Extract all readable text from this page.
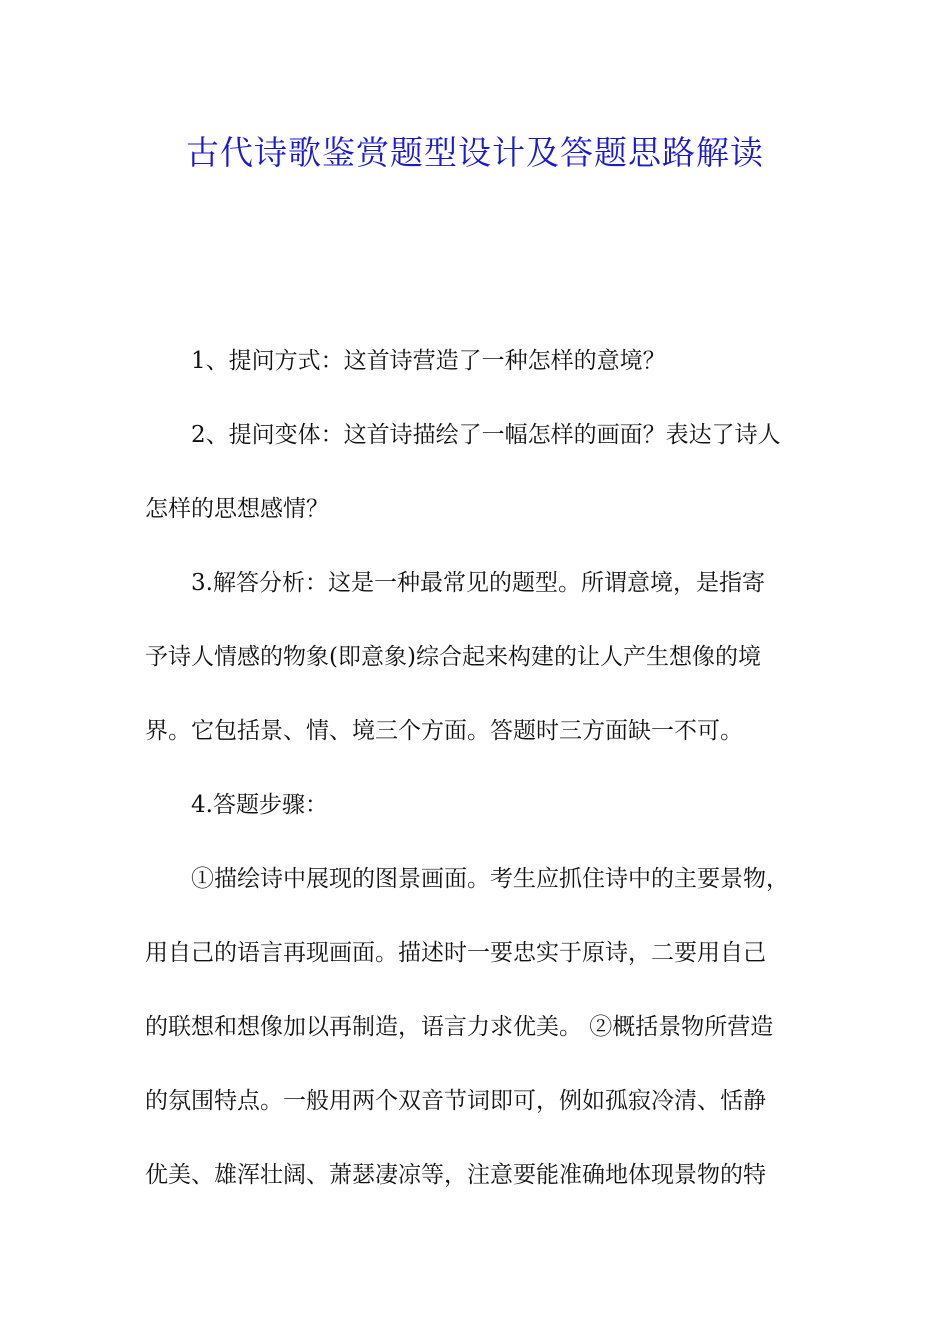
古代诗歌鉴赏题型设计及答题思路解读
1、提问方式：这首诗营造了一种怎样的意境？
2、提问变体：这首诗描绘了一幅怎样的画面？表达了诗人
怎样的思想感情？
3.解答分析：这是一种最常见的题型。所谓意境，是指寄
予诗人情感的物象(即意象)综合起来构建的让人产生想像的境
界。它包括景、情、境三个方面。答题时三方面缺一不可。
4.答题步骤：
①描绘诗中展现的图景画面。考生应抓住诗中的主要景物，
用自己的语言再现画面。描述时一要忠实于原诗，二要用自己
的联想和想像加以再制造，语言力求优美。 ②概括景物所营造
的氛围特点。一般用两个双音节词即可，例如孤寂冷清、恬静
优美、雄浑壮阔、萧瑟凄凉等，注意要能准确地体现景物的特
